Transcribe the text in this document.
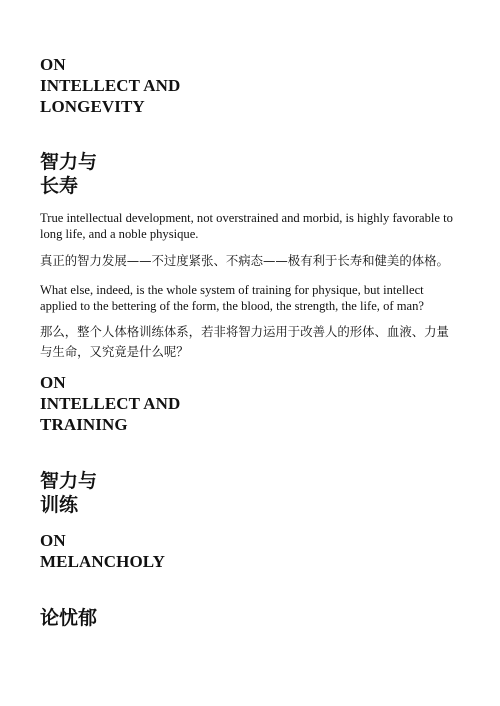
ON
INTELLECT AND
LONGEVITY
智力与
长寿
True intellectual development, not overstrained and morbid, is highly favorable to long life, and a noble physique.
真正的智力发展——不过度紧张、不病态——极有利于长寿和健美的体格。
What else, indeed, is the whole system of training for physique, but intellect applied to the bettering of the form, the blood, the strength, the life, of man?
那么，整个人体格训练体系，若非将智力运用于改善人的形体、血液、力量与生命，又究竟是什么呢？
ON
INTELLECT AND
TRAINING
智力与
训练
ON
MELANCHOLY
论忧郁
